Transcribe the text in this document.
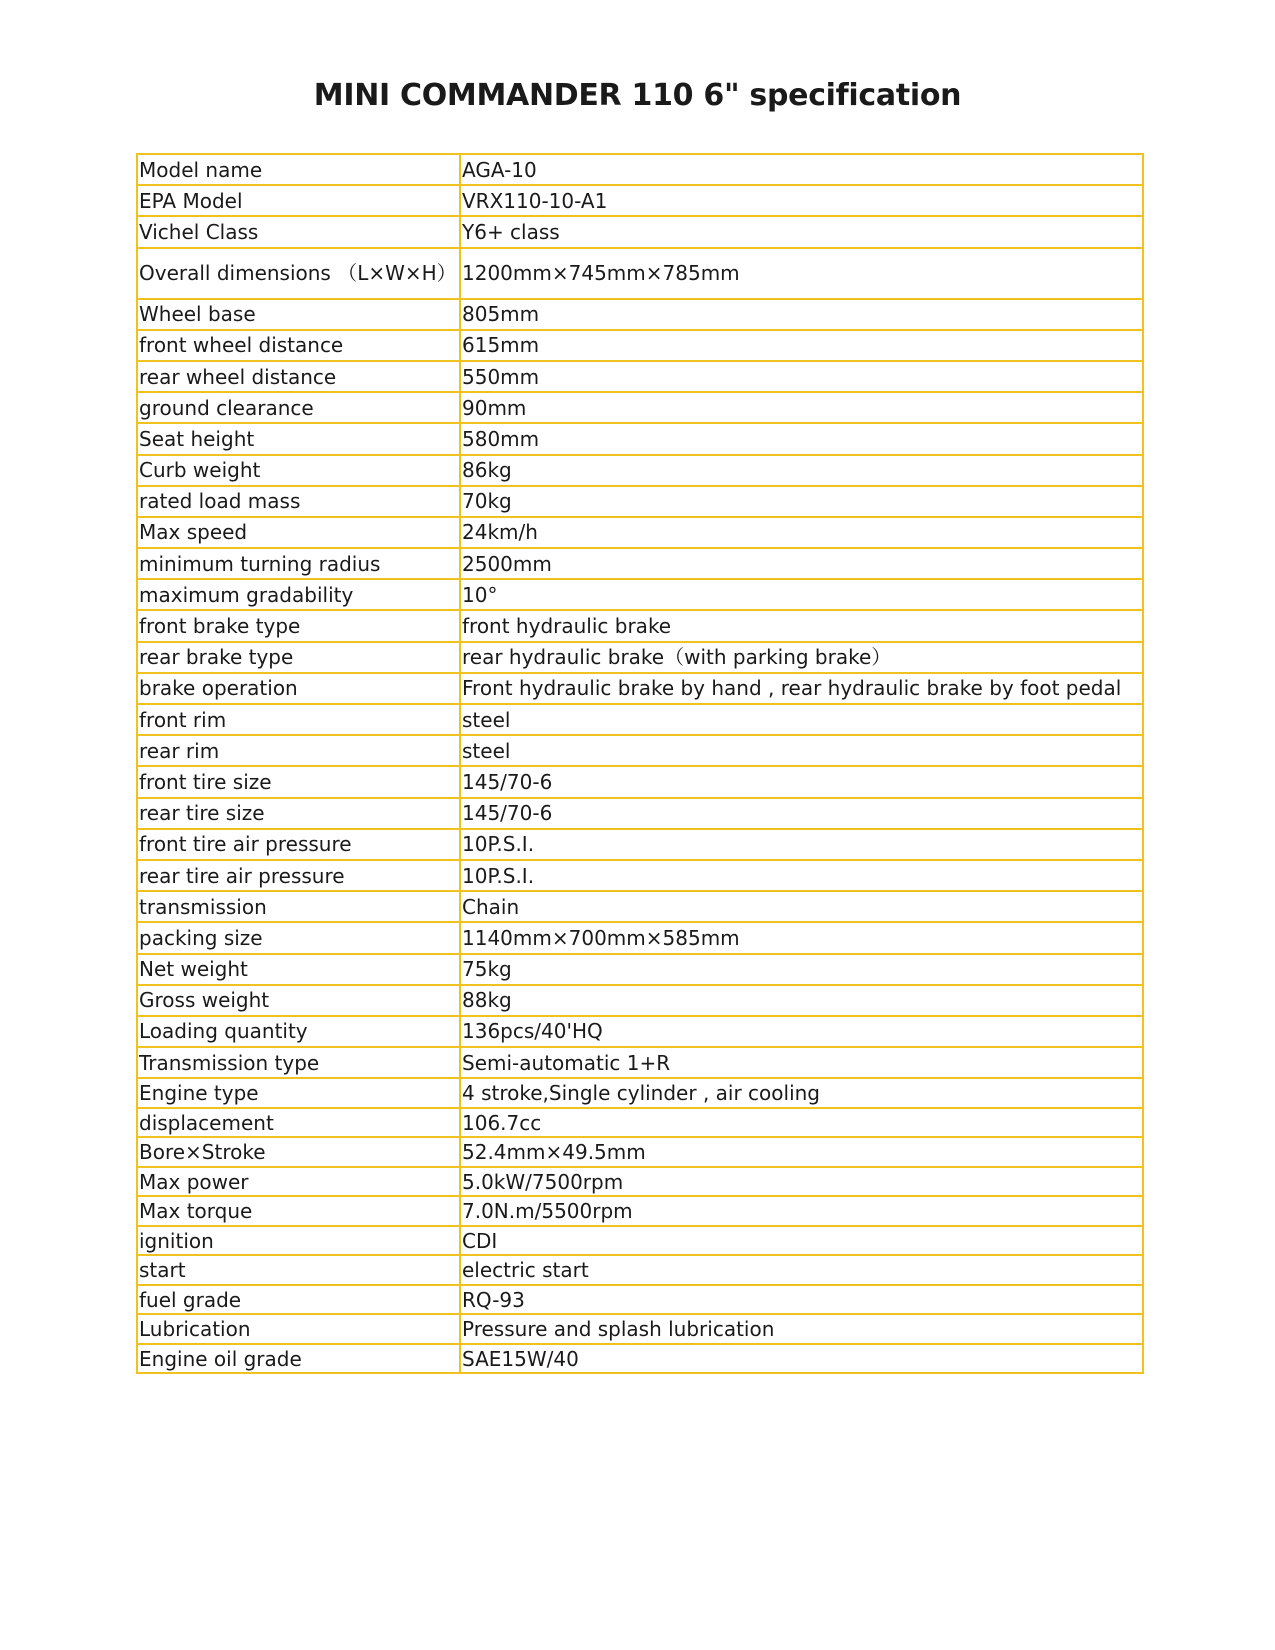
MINI COMMANDER 110 6" specification
Model name	AGA-10
EPA Model	VRX110-10-A1
Vichel Class	Y6+ class
Overall dimensions （L×W×H）	1200mm×745mm×785mm
Wheel base	805mm
front wheel distance	615mm
rear wheel distance	550mm
ground clearance	90mm
Seat height	580mm
Curb weight	86kg
rated load mass	70kg
Max speed	24km/h
minimum turning radius	2500mm
maximum gradability	10°
front brake type	front hydraulic brake
rear brake type	rear hydraulic brake（with parking brake）
brake operation	Front hydraulic brake by hand , rear hydraulic brake by foot pedal
front rim	steel
rear rim	steel
front tire size	145/70-6
rear tire size	145/70-6
front tire air pressure	10P.S.I.
rear tire air pressure	10P.S.I.
transmission	Chain
packing size	1140mm×700mm×585mm
Net weight	75kg
Gross weight	88kg
Loading quantity	136pcs/40'HQ
Transmission type	Semi-automatic 1+R
Engine type	4 stroke,Single cylinder , air cooling
displacement	106.7cc
Bore×Stroke	52.4mm×49.5mm
Max power	5.0kW/7500rpm
Max torque	7.0N.m/5500rpm
ignition	CDI
start	electric start
fuel grade	RQ-93
Lubrication	Pressure and splash lubrication
Engine oil grade	SAE15W/40
